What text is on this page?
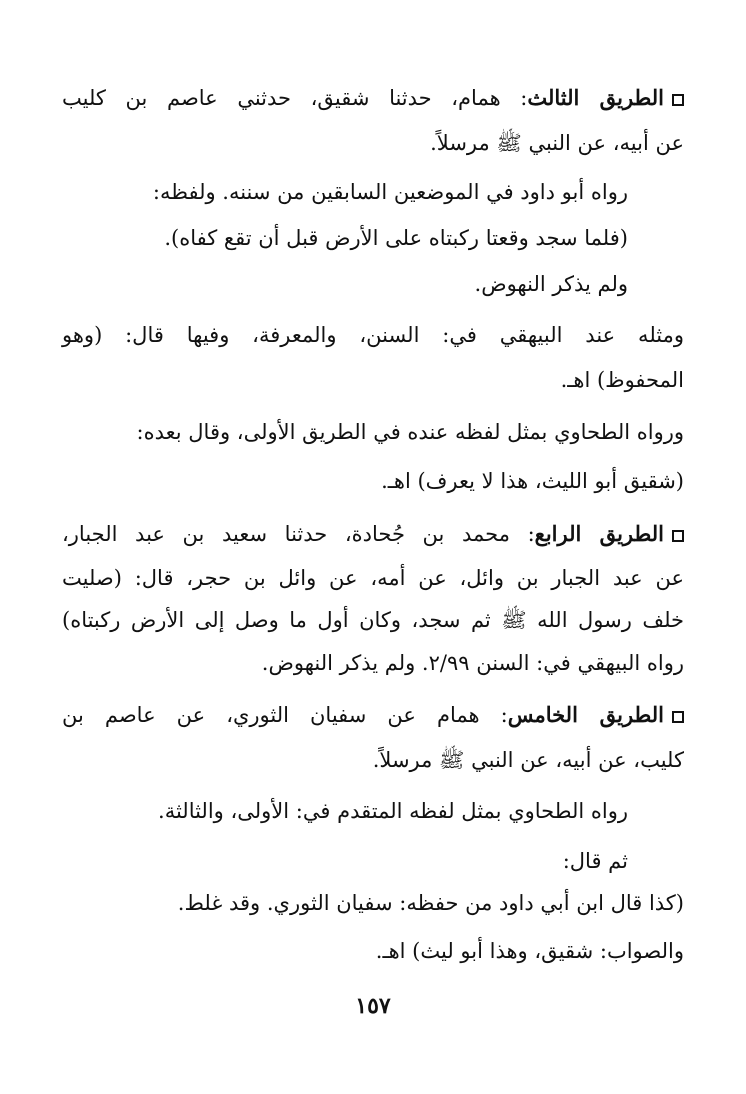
الطريق الثالث: همام، حدثنا شقيق، حدثني عاصم بن كليب
عن أبيه، عن النبي ﷺ مرسلاً.
رواه أبو داود في الموضعين السابقين من سننه. ولفظه:
(فلما سجد وقعتا ركبتاه على الأرض قبل أن تقع كفاه).
ولم يذكر النهوض.
ومثله عند البيهقي في: السنن، والمعرفة، وفيها قال: (وهو
المحفوظ) اهـ.
ورواه الطحاوي بمثل لفظه عنده في الطريق الأولى، وقال بعده:
(شقيق أبو الليث، هذا لا يعرف) اهـ.
الطريق الرابع: محمد بن جُحادة، حدثنا سعيد بن عبد الجبار،
عن عبد الجبار بن وائل، عن أمه، عن وائل بن حجر، قال: (صليت
خلف رسول الله ﷺ ثم سجد، وكان أول ما وصل إلى الأرض ركبتاه)
رواه البيهقي في: السنن ٢/٩٩. ولم يذكر النهوض.
الطريق الخامس: همام عن سفيان الثوري، عن عاصم بن
كليب، عن أبيه، عن النبي ﷺ مرسلاً.
رواه الطحاوي بمثل لفظه المتقدم في: الأولى، والثالثة.
ثم قال:
(كذا قال ابن أبي داود من حفظه: سفيان الثوري. وقد غلط.
والصواب: شقيق، وهذا أبو ليث) اهـ.
١٥٧
